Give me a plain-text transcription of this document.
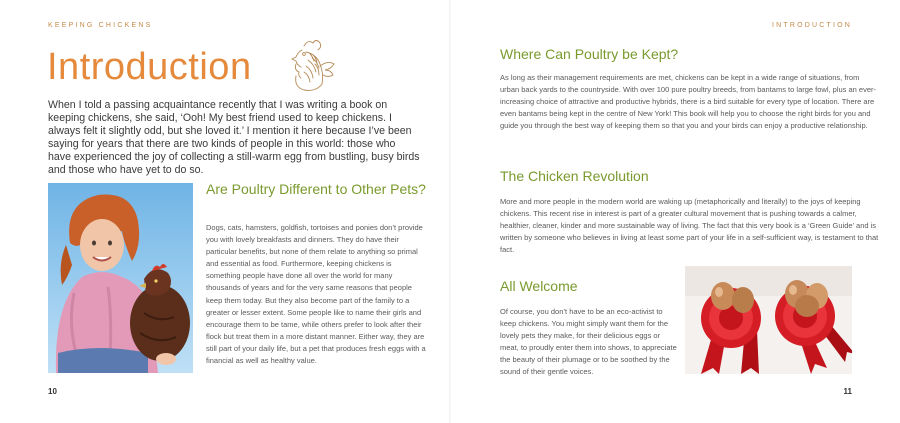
KEEPING CHICKENS
Introduction

When I told a passing acquaintance recently that I was writing a book on keeping chickens, she said, ‘Ooh! My best friend used to keep chickens. I always felt it slightly odd, but she loved it.’ I mention it here because I’ve been saying for years that there are two kinds of people in this world: those who have experienced the joy of collecting a still-warm egg from bustling, busy birds and those who have yet to do so.

Are Poultry Different to Other Pets?

Dogs, cats, hamsters, goldfish, tortoises and ponies don’t provide you with lovely breakfasts and dinners. They do have their particular benefits, but none of them relate to anything so primal and essential as food. Furthermore, keeping chickens is something people have done all over the world for many thousands of years and for the very same reasons that people keep them today. But they also become part of the family to a greater or lesser extent. Some people like to name their girls and encourage them to be tame, while others prefer to look after their flock but treat them in a more distant manner. Either way, they are still part of your daily life, but a pet that produces fresh eggs with a financial as well as healthy value.

10
INTRODUCTION
Where Can Poultry be Kept?

As long as their management requirements are met, chickens can be kept in a wide range of situations, from urban back yards to the countryside. With over 100 pure poultry breeds, from bantams to large fowl, plus an ever-increasing choice of attractive and productive hybrids, there is a bird suitable for every type of location. There are even bantams being kept in the centre of New York! This book will help you to choose the right birds for you and guide you through the best way of keeping them so that you and your birds can enjoy a productive relationship.

The Chicken Revolution

More and more people in the modern world are waking up (metaphorically and literally) to the joys of keeping chickens. This recent rise in interest is part of a greater cultural movement that is pushing towards a calmer, healthier, cleaner, kinder and more sustainable way of living. The fact that this very book is a ‘Green Guide’ and is written by someone who believes in living at least some part of your life in a self-sufficient way, is testament to that fact.

All Welcome

Of course, you don’t have to be an eco-activist to keep chickens. You might simply want them for the lovely pets they make, for their delicious eggs or meat, to proudly enter them into shows, to appreciate the beauty of their plumage or to be soothed by the sound of their gentle voices.

11
